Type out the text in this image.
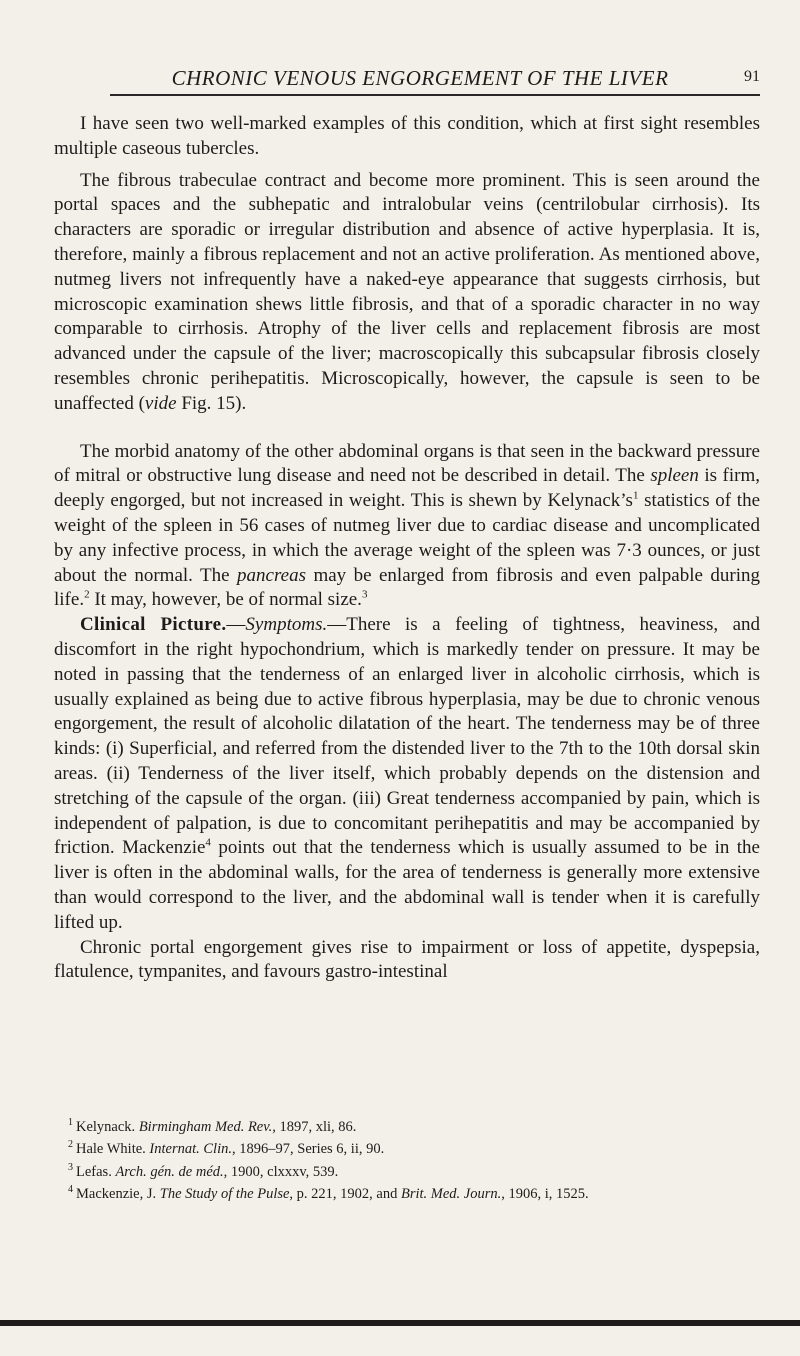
CHRONIC VENOUS ENGORGEMENT OF THE LIVER	91

I have seen two well-marked examples of this condition, which at first sight resembles multiple caseous tubercles.

The fibrous trabeculae contract and become more prominent. This is seen around the portal spaces and the subhepatic and intralobular veins (centrilobular cirrhosis). Its characters are sporadic or irregular distribution and absence of active hyperplasia. It is, therefore, mainly a fibrous replacement and not an active proliferation. As mentioned above, nutmeg livers not infrequently have a naked-eye appearance that suggests cirrhosis, but microscopic examination shews little fibrosis, and that of a sporadic character in no way comparable to cirrhosis. Atrophy of the liver cells and replacement fibrosis are most advanced under the capsule of the liver; macroscopically this subcapsular fibrosis closely resembles chronic perihepatitis. Microscopically, however, the capsule is seen to be unaffected (vide Fig. 15).

The morbid anatomy of the other abdominal organs is that seen in the backward pressure of mitral or obstructive lung disease and need not be described in detail. The spleen is firm, deeply engorged, but not increased in weight. This is shewn by $Kelynack’s^1$ statistics of the weight of the spleen in 56 cases of nutmeg liver due to cardiac disease and uncomplicated by any infective process, in which the average weight of the spleen was 7·3 ounces, or just about the normal. The pancreas may be enlarged from fibrosis and even palpable during life.$^2$ It may, however, be of normal size.$^3$

Clinical Picture.—Symptoms.—There is a feeling of tightness, heaviness, and discomfort in the right hypochondrium, which is markedly tender on pressure. It may be noted in passing that the tenderness of an enlarged liver in alcoholic cirrhosis, which is usually explained as being due to active fibrous hyperplasia, may be due to chronic venous engorgement, the result of alcoholic dilatation of the heart. The tenderness may be of three kinds: (i) Superficial, and referred from the distended liver to the 7th to the 10th dorsal skin areas. (ii) Tenderness of the liver itself, which probably depends on the distension and stretching of the capsule of the organ. (iii) Great tenderness accompanied by pain, which is independent of palpation, is due to concomitant perihepatitis and may be accompanied by friction. Mackenzie$^4$ points out that the tenderness which is usually assumed to be in the liver is often in the abdominal walls, for the area of tenderness is generally more extensive than would correspond to the liver, and the abdominal wall is tender when it is carefully lifted up.

Chronic portal engorgement gives rise to impairment or loss of appetite, dyspepsia, flatulence, tympanites, and favours gastro-intestinal

$^1$ Kelynack. Birmingham Med. Rev., 1897, xli, 86.

$^2$ Hale White. Internat. Clin., 1896–97, Series 6, ii, 90.

$^3$ Lefas. Arch. gén. de méd., 1900, clxxxv, 539.

$^4$ Mackenzie, J. The Study of the Pulse, p. 221, 1902, and Brit. Med. Journ., 1906, i, 1525.
